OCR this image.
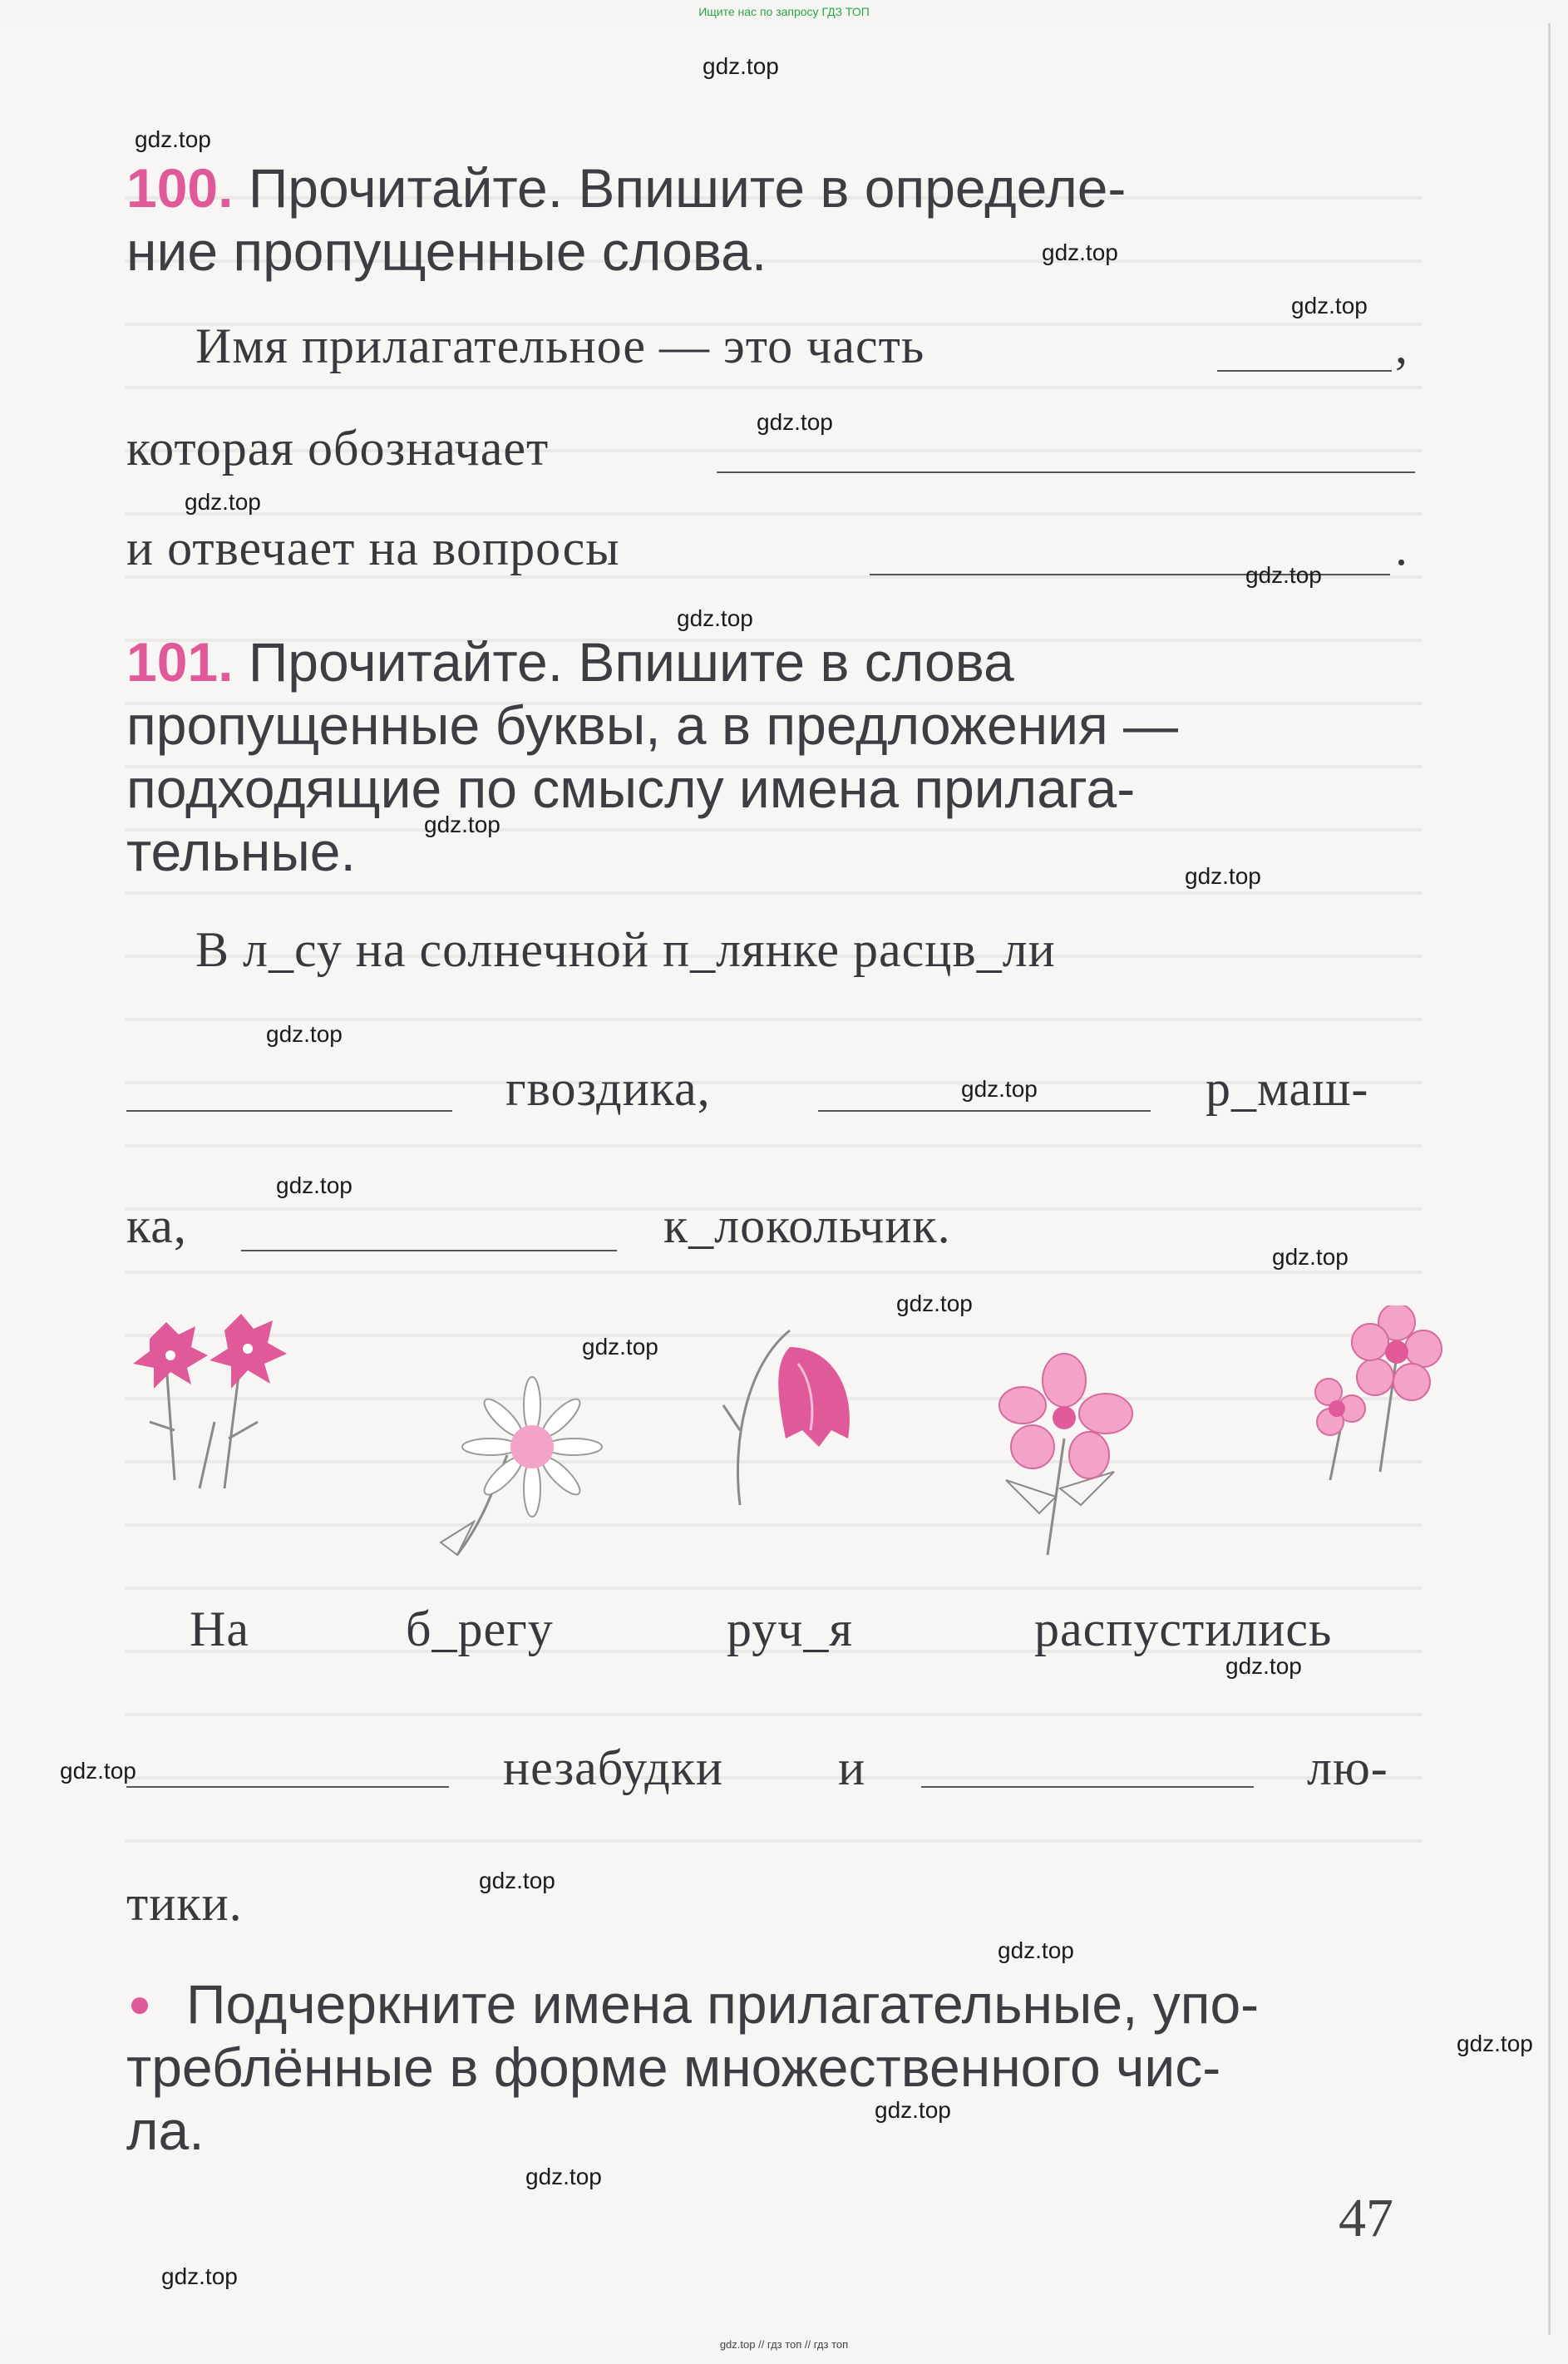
Ищите нас по запросу ГДЗ ТОП
100. Прочитайте. Впишите в определе-
ние пропущенные слова.
Имя прилагательное — это часть	,
которая обозначает
и отвечает на вопросы	.
101. Прочитайте. Впишите в слова
пропущенные буквы, а в предложения —
подходящие по смыслу имена прилага-
тельные.
В л_су на солнечной п_лянке расцв_ли
гвоздика,	р_маш-
ка,	к_локольчик.
На	б_регу	руч_я	распустились
незабудки и	лю-
тики.
Подчеркните имена прилагательные, упо-
треблённые в форме множественного чис-
ла.
47
gdz.top
gdz.top
gdz.top
gdz.top
gdz.top
gdz.top
gdz.top
gdz.top
gdz.top
gdz.top
gdz.top
gdz.top
gdz.top
gdz.top
gdz.top
gdz.top
gdz.top
gdz.top
gdz.top
gdz.top
gdz.top
gdz.top
gdz.top
gdz.top
gdz.top // гдз топ // гдз топ
